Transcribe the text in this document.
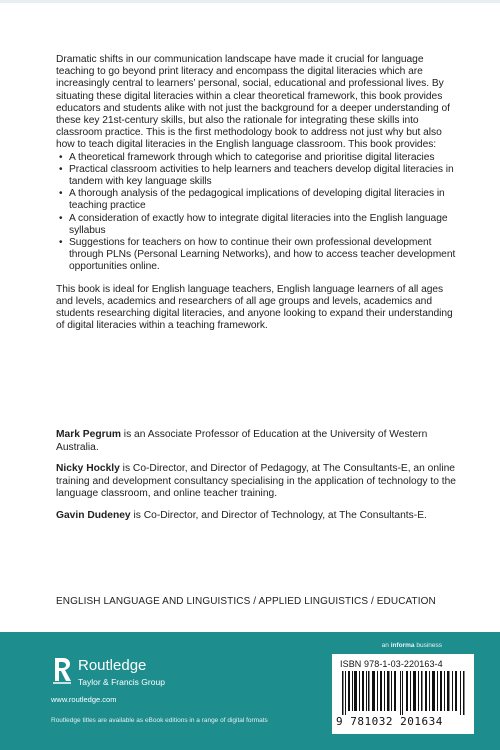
Dramatic shifts in our communication landscape have made it crucial for language teaching to go beyond print literacy and encompass the digital literacies which are increasingly central to learners’ personal, social, educational and professional lives. By situating these digital literacies within a clear theoretical framework, this book provides educators and students alike with not just the background for a deeper understanding of these key 21st-century skills, but also the rationale for integrating these skills into classroom practice. This is the first methodology book to address not just why but also how to teach digital literacies in the English language classroom. This book provides:

• A theoretical framework through which to categorise and prioritise digital literacies
• Practical classroom activities to help learners and teachers develop digital literacies in tandem with key language skills
• A thorough analysis of the pedagogical implications of developing digital literacies in teaching practice
• A consideration of exactly how to integrate digital literacies into the English language syllabus
• Suggestions for teachers on how to continue their own professional development through PLNs (Personal Learning Networks), and how to access teacher development opportunities online.

This book is ideal for English language teachers, English language learners of all ages and levels, academics and researchers of all age groups and levels, academics and students researching digital literacies, and anyone looking to expand their understanding of digital literacies within a teaching framework.

Mark Pegrum is an Associate Professor of Education at the University of Western Australia.

Nicky Hockly is Co-Director, and Director of Pedagogy, at The Consultants-E, an online training and development consultancy specialising in the application of technology to the language classroom, and online teacher training.

Gavin Dudeney is Co-Director, and Director of Technology, at The Consultants-E.

ENGLISH LANGUAGE AND LINGUISTICS / APPLIED LINGUISTICS / EDUCATION
an informa business
Routledge
Taylor & Francis Group
www.routledge.com
Routledge titles are available as eBook editions in a range of digital formats
ISBN 978-1-03-220163-4
9 781032 201634
